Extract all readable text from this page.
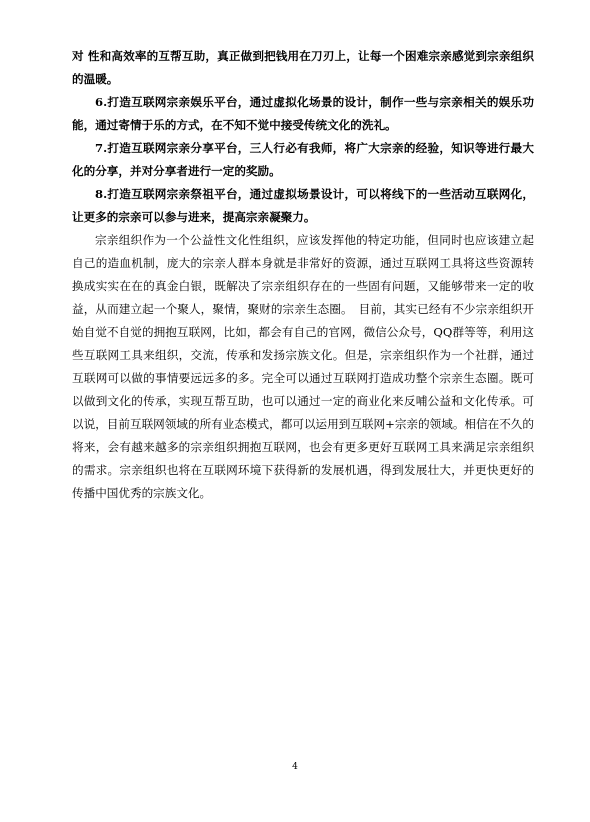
对 性和高效率的互帮互助，真正做到把钱用在刀刃上，让每一个困难宗亲感觉到宗亲组织的温暖。

6.打造互联网宗亲娱乐平台，通过虚拟化场景的设计，制作一些与宗亲相关的娱乐功 能，通过寄情于乐的方式，在不知不觉中接受传统文化的洗礼。

7.打造互联网宗亲分享平台，三人行必有我师，将广大宗亲的经验，知识等进行最大 化的分享，并对分享者进行一定的奖励。

8.打造互联网宗亲祭祖平台，通过虚拟场景设计，可以将线下的一些活动互联网化，让更多的宗亲可以参与进来，提高宗亲凝聚力。

宗亲组织作为一个公益性文化性组织，应该发挥他的特定功能，但同时也应该建立起自己的造血机制，庞大的宗亲人群本身就是非常好的资源，通过互联网工具将这些资源转换成实实在在的真金白银，既解决了宗亲组织存在的一些固有问题，又能够带来一定的收益，从而建立起一个聚人，聚情，聚财的宗亲生态圈。　目前，其实已经有不少宗亲组织开始自觉不自觉的拥抱互联网，比如，都会有自己的官网，微信公众号，QQ群等等，利用这些互联网工具来组织，交流，传承和发扬宗族文化。但是，宗亲组织作为一个社群，通过互联网可以做的事情要远远多的多。完全可以通过互联网打造成功整个宗亲生态圈。既可以做到文化的传承，实现互帮互助，也可以通过一定的商业化来反哺公益和文化传承。可以说，目前互联网领域的所有业态模式，都可以运用到互联网+宗亲的领域。相信在不久的将来，会有越来越多的宗亲组织拥抱互联网，也会有更多更好互联网工具来满足宗亲组织的需求。宗亲组织也将在互联网环境下获得新的发展机遇，得到发展壮大，并更快更好的传播中国优秀的宗族文化。

4
